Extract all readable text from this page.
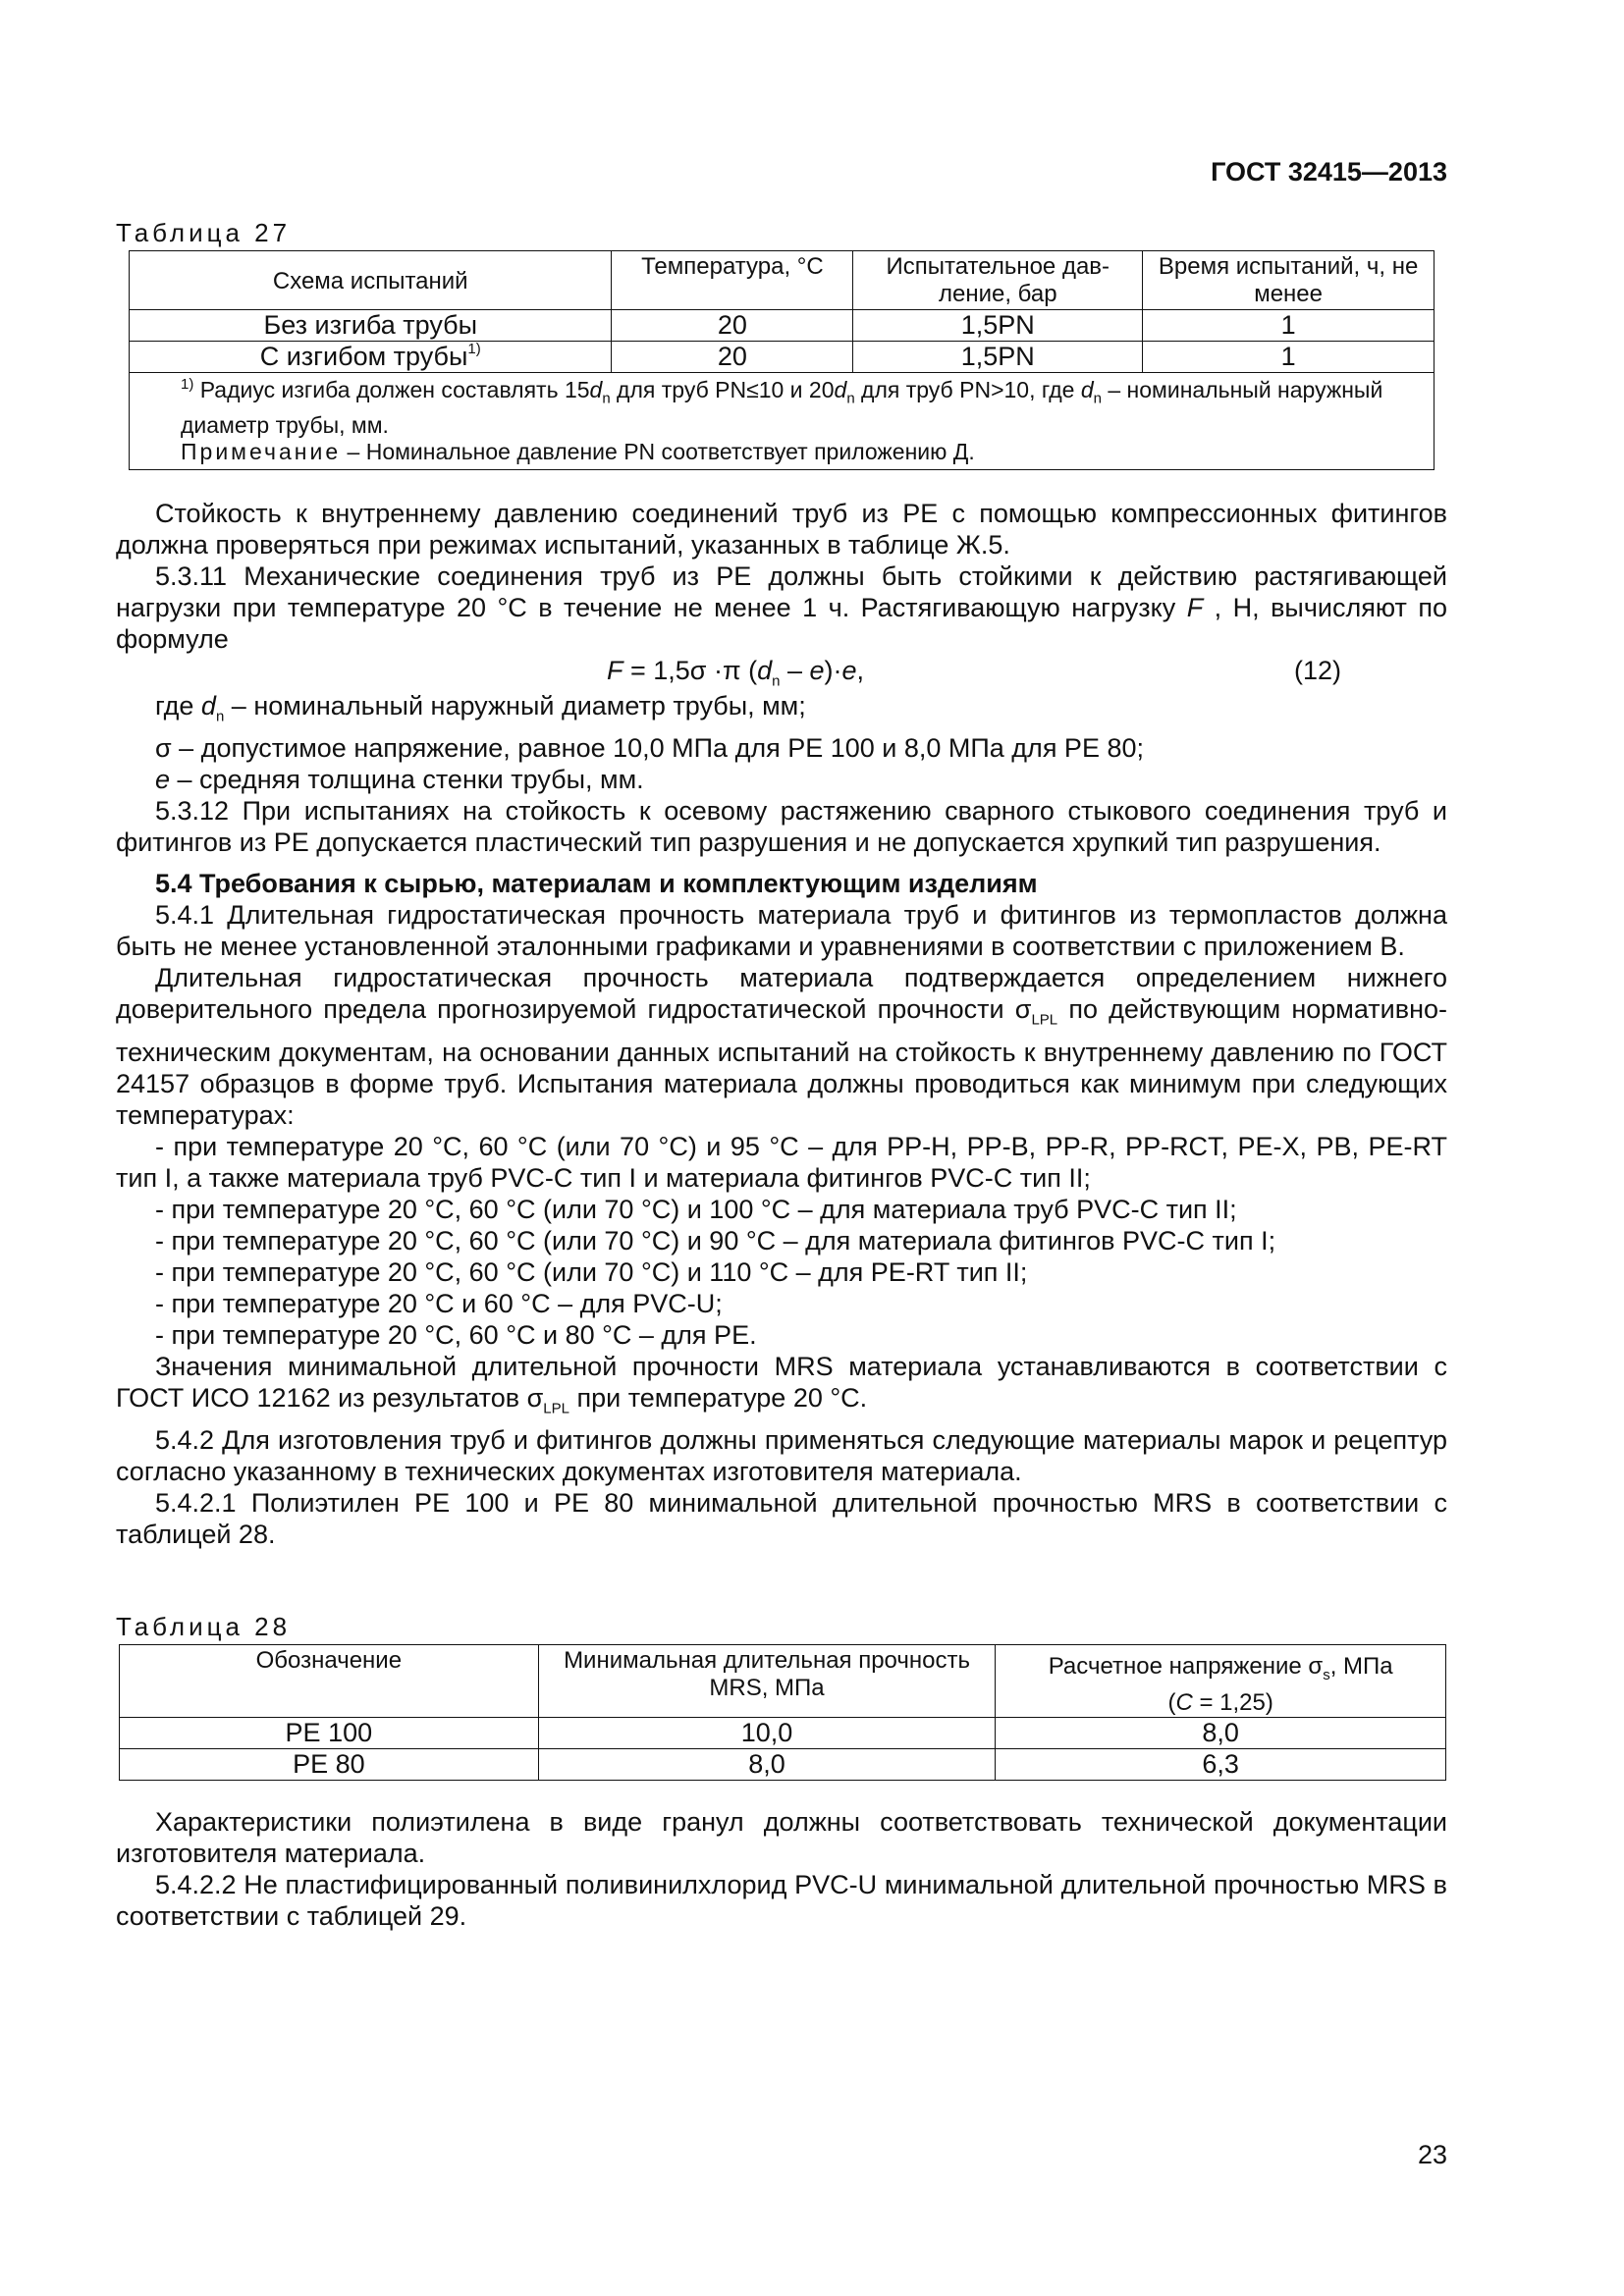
ГОСТ 32415—2013
Таблица 27
Схема испытаний	Температура, °С	Испытательное дав-ление, бар	Время испытаний, ч, не менее
Без изгиба трубы	20	1,5PN	1
С изгибом трубы$^{1)}$	20	1,5PN	1

$^{1)}$ Радиус изгиба должен составлять $15d_n$ для труб PN≤10 и $20d_n$ для труб PN>10, где $d_n$ – номинальный наружный диаметр трубы, мм.
Примечание – Номинальное давление PN соответствует приложению Д.			

Стойкость к внутреннему давлению соединений труб из РЕ с помощью компрессионных фитингов должна проверяться при режимах испытаний, указанных в таблице Ж.5.

5.3.11 Механические соединения труб из РЕ должны быть стойкими к действию растягивающей нагрузки при температуре 20 °С в течение не менее 1 ч. Растягивающую нагрузку F , Н, вычисляют по формуле

F = 1,5σ ·π $(d_n - e)\cdot e$,	(12)

где $d_n$ – номинальный наружный диаметр трубы, мм;

σ – допустимое напряжение, равное 10,0 МПа для РЕ 100 и 8,0 МПа для РЕ 80;

e – средняя толщина стенки трубы, мм.

5.3.12 При испытаниях на стойкость к осевому растяжению сварного стыкового соединения труб и фитингов из РЕ допускается пластический тип разрушения и не допускается хрупкий тип разрушения.

5.4 Требования к сырью, материалам и комплектующим изделиям

5.4.1 Длительная гидростатическая прочность материала труб и фитингов из термопластов должна быть не менее установленной эталонными графиками и уравнениями в соответствии с приложением В.

Длительная гидростатическая прочность материала подтверждается определением нижнего доверительного предела прогнозируемой гидростатической прочности $\sigma_{LPL}$ по действующим нормативно-техническим документам, на основании данных испытаний на стойкость к внутреннему давлению по ГОСТ 24157 образцов в форме труб. Испытания материала должны проводиться как минимум при следующих температурах:

- при температуре 20 °С, 60 °С (или 70 °С) и 95 °С – для PP-H, PP-B, PP-R, PP-RCT, PE-X, PB, PE-RT тип I, а также материала труб PVC-C тип I и материала фитингов PVC-C тип II;

- при температуре 20 °С, 60 °С (или 70 °С) и 100 °С – для материала труб PVC-C тип II;

- при температуре 20 °С, 60 °С (или 70 °С) и 90 °С – для материала фитингов PVC-C тип I;

- при температуре 20 °С, 60 °С (или 70 °С) и 110 °С – для PE-RT тип II;

- при температуре 20 °С и 60 °С – для PVC-U;

- при температуре 20 °С, 60 °С и 80 °С – для PE.

Значения минимальной длительной прочности MRS материала устанавливаются в соответствии с ГОСТ ИСО 12162 из результатов $\sigma_{LPL}$ при температуре 20 °С.

5.4.2 Для изготовления труб и фитингов должны применяться следующие материалы марок и рецептур согласно указанному в технических документах изготовителя материала.

5.4.2.1 Полиэтилен РЕ 100 и РЕ 80 минимальной длительной прочностью MRS в соответствии с таблицей 28.

Таблица 28
Обозначение	Минимальная длительная прочность MRS, МПа	Расчетное напряжение $\sigma_s$, МПа
(C = 1,25)
РЕ 100	10,0	8,0
РЕ 80	8,0	6,3

Характеристики полиэтилена в виде гранул должны соответствовать технической документации изготовителя материала.

5.4.2.2 Не пластифицированный поливинилхлорид PVC-U минимальной длительной прочностью MRS в соответствии с таблицей 29.

23
